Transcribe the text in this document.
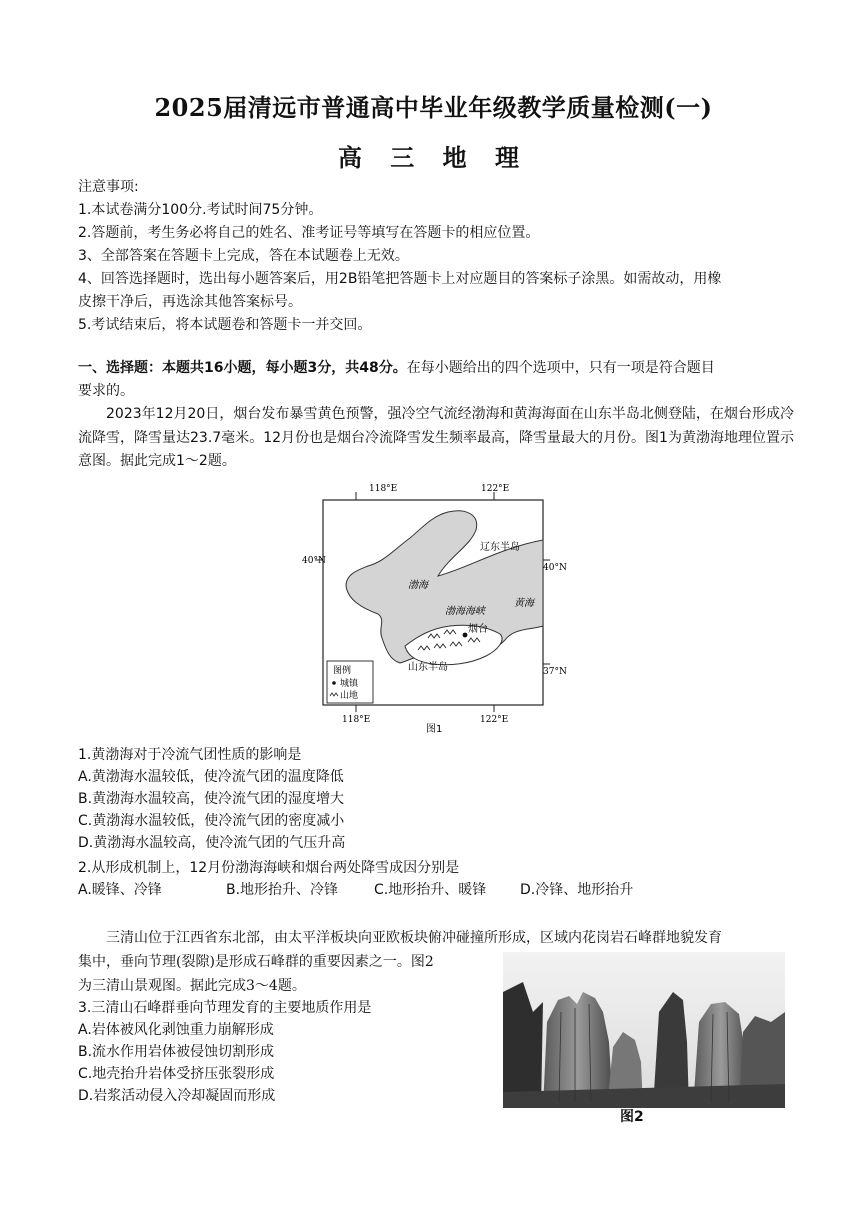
2025届清远市普通高中毕业年级教学质量检测(一)
高 三 地 理
注意事项:
1.本试卷满分100分.考试时间75分钟。
2.答题前，考生务必将自己的姓名、准考证号等填写在答题卡的相应位置。
3、全部答案在答题卡上完成，答在本试题卷上无效。
4、回答选择题时，选出每小题答案后，用2B铅笔把答题卡上对应题目的答案标子涂黑。如需故动，用橡
皮擦干净后，再选涂其他答案标号。
5.考试结束后，将本试题卷和答题卡一并交回。
一、选择题：本题共16小题，每小题3分，共48分。在每小题给出的四个选项中，只有一项是符合题目
要求的。
2023年12月20日，烟台发布暴雪黄色预警，强冷空气流经渤海和黄海海面在山东半岛北侧登陆，在烟台形成冷流降雪，降雪量达23.7毫米。12月份也是烟台冷流降雪发生频率最高，降雪量最大的月份。图1为黄渤海地理位置示意图。据此完成1～2题。
118°E	122°E
118°E	122°E
40°N
40°N
37°N
辽东半岛
渤海
渤海海峡
黄海
烟台
山东半岛
图例
城镇
山地
图1
1.黄渤海对于冷流气团性质的影响是
A.黄渤海水温较低，使冷流气团的温度降低
B.黄渤海水温较高，使冷流气团的湿度增大
C.黄渤海水温较低，使冷流气团的密度减小
D.黄渤海水温较高，使冷流气团的气压升高
2.从形成机制上，12月份渤海海峡和烟台两处降雪成因分别是
A.暖锋、冷锋	B.地形抬升、冷锋	C.地形抬升、暖锋 D.冷锋、地形抬升
三清山位于江西省东北部，由太平洋板块向亚欧板块俯冲碰撞所形成，区域内花岗岩石峰群地貌发育
集中，垂向节理(裂隙)是形成石峰群的重要因素之一。图2
为三清山景观图。据此完成3～4题。
3.三清山石峰群垂向节理发育的主要地质作用是
A.岩体被风化剥蚀重力崩解形成
B.流水作用岩体被侵蚀切割形成
C.地壳抬升岩体受挤压张裂形成
D.岩浆活动侵入冷却凝固而形成
图2
